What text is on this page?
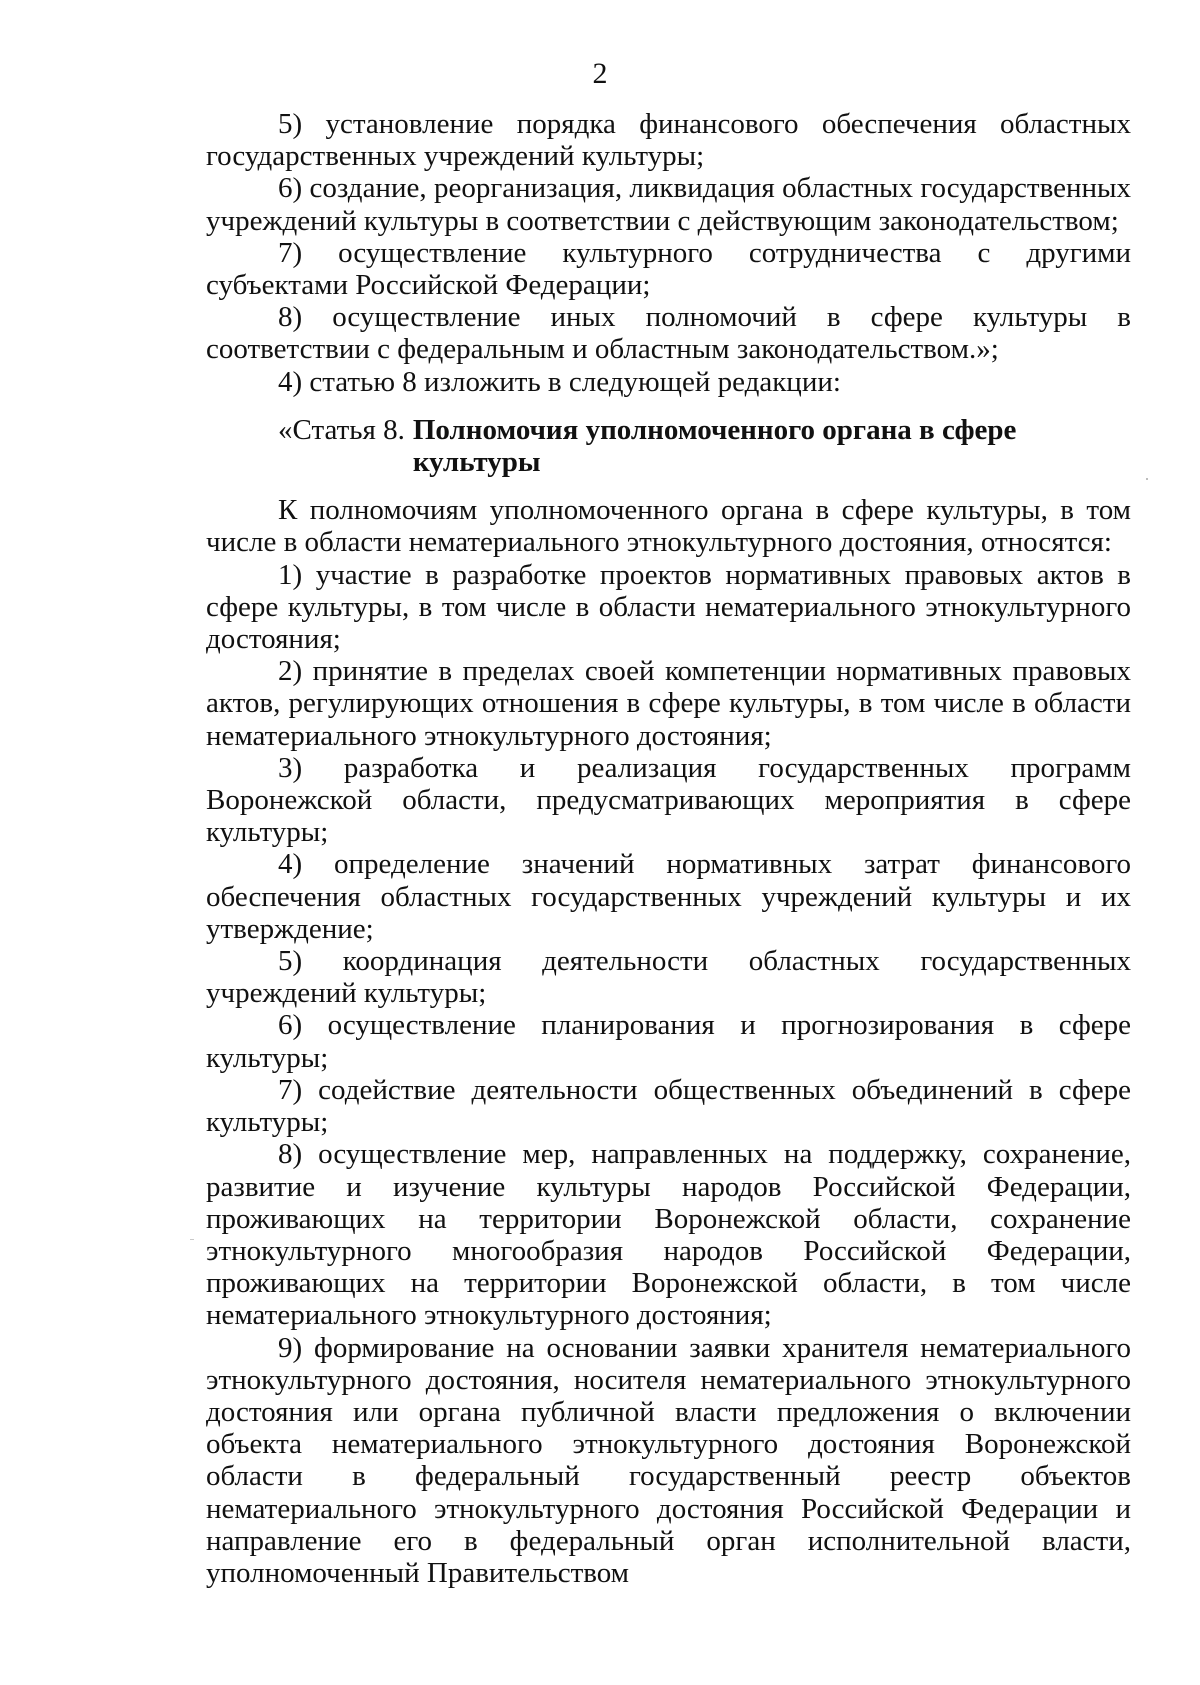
2

5) установление порядка финансового обеспечения областных государственных учреждений культуры;

6) создание, реорганизация, ликвидация областных государственных учреждений культуры в соответствии с действующим законодательством;

7) осуществление культурного сотрудничества с другими субъектами Российской Федерации;

8) осуществление иных полномочий в сфере культуры в соответствии с федеральным и областным законодательством.»;

4) статью 8 изложить в следующей редакции:

«Статья 8. Полномочия уполномоченного органа в сфере культуры

К полномочиям уполномоченного органа в сфере культуры, в том числе в области нематериального этнокультурного достояния, относятся:

1) участие в разработке проектов нормативных правовых актов в сфере культуры, в том числе в области нематериального этнокультурного достояния;

2) принятие в пределах своей компетенции нормативных правовых актов, регулирующих отношения в сфере культуры, в том числе в области нематериального этнокультурного достояния;

3) разработка и реализация государственных программ Воронежской области, предусматривающих мероприятия в сфере культуры;

4) определение значений нормативных затрат финансового обеспечения областных государственных учреждений культуры и их утверждение;

5) координация деятельности областных государственных учреждений культуры;

6) осуществление планирования и прогнозирования в сфере культуры;

7) содействие деятельности общественных объединений в сфере культуры;

8) осуществление мер, направленных на поддержку, сохранение, развитие и изучение культуры народов Российской Федерации, проживающих на территории Воронежской области, сохранение этнокультурного многообразия народов Российской Федерации, проживающих на территории Воронежской области, в том числе нематериального этнокультурного достояния;

9) формирование на основании заявки хранителя нематериального этнокультурного достояния, носителя нематериального этнокультурного достояния или органа публичной власти предложения о включении объекта нематериального этнокультурного достояния Воронежской области в федеральный государственный реестр объектов нематериального этнокультурного достояния Российской Федерации и направление его в федеральный орган исполнительной власти, уполномоченный Правительством
